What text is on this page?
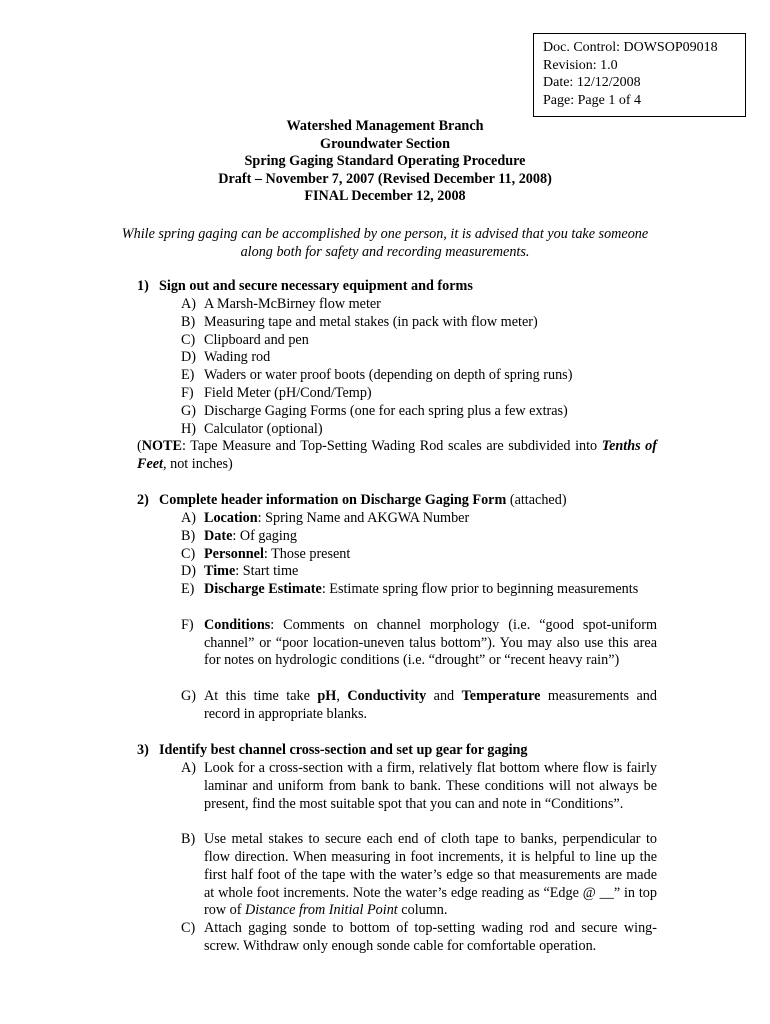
Doc. Control: DOWSOP09018
Revision: 1.0
Date: 12/12/2008
Page: Page 1 of 4
Watershed Management Branch
Groundwater Section
Spring Gaging Standard Operating Procedure
Draft – November 7, 2007 (Revised December 11, 2008)
FINAL December 12, 2008
While spring gaging can be accomplished by one person, it is advised that you take someone along both for safety and recording measurements.
1) Sign out and secure necessary equipment and forms
A) A Marsh-McBirney flow meter
B) Measuring tape and metal stakes (in pack with flow meter)
C) Clipboard and pen
D) Wading rod
E) Waders or water proof boots (depending on depth of spring runs)
F) Field Meter (pH/Cond/Temp)
G) Discharge Gaging Forms (one for each spring plus a few extras)
H) Calculator (optional)
(NOTE: Tape Measure and Top-Setting Wading Rod scales are subdivided into Tenths of Feet, not inches)
2) Complete header information on Discharge Gaging Form (attached)
A) Location: Spring Name and AKGWA Number
B) Date: Of gaging
C) Personnel: Those present
D) Time: Start time
E) Discharge Estimate: Estimate spring flow prior to beginning measurements
F) Conditions: Comments on channel morphology (i.e. “good spot-uniform channel” or “poor location-uneven talus bottom”). You may also use this area for notes on hydrologic conditions (i.e. “drought” or “recent heavy rain”)
G) At this time take pH, Conductivity and Temperature measurements and record in appropriate blanks.
3) Identify best channel cross-section and set up gear for gaging
A) Look for a cross-section with a firm, relatively flat bottom where flow is fairly laminar and uniform from bank to bank. These conditions will not always be present, find the most suitable spot that you can and note in “Conditions”.
B) Use metal stakes to secure each end of cloth tape to banks, perpendicular to flow direction. When measuring in foot increments, it is helpful to line up the first half foot of the tape with the water’s edge so that measurements are made at whole foot increments. Note the water’s edge reading as “Edge @ __” in top row of Distance from Initial Point column.
C) Attach gaging sonde to bottom of top-setting wading rod and secure wing-screw. Withdraw only enough sonde cable for comfortable operation.
